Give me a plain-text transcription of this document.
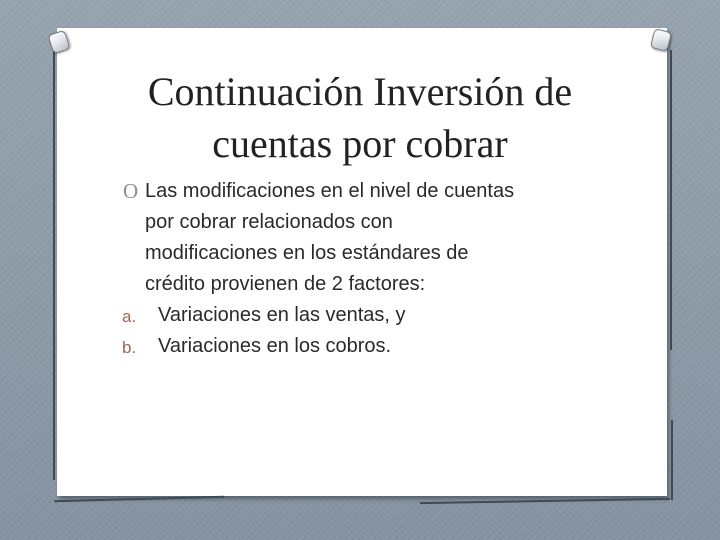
Continuación Inversión de
cuentas por cobrar
O Las modificaciones en el nivel de cuentas
por cobrar relacionados con
modificaciones en los estándares de
crédito provienen de 2 factores:
a. Variaciones en las ventas, y
b. Variaciones en los cobros.
